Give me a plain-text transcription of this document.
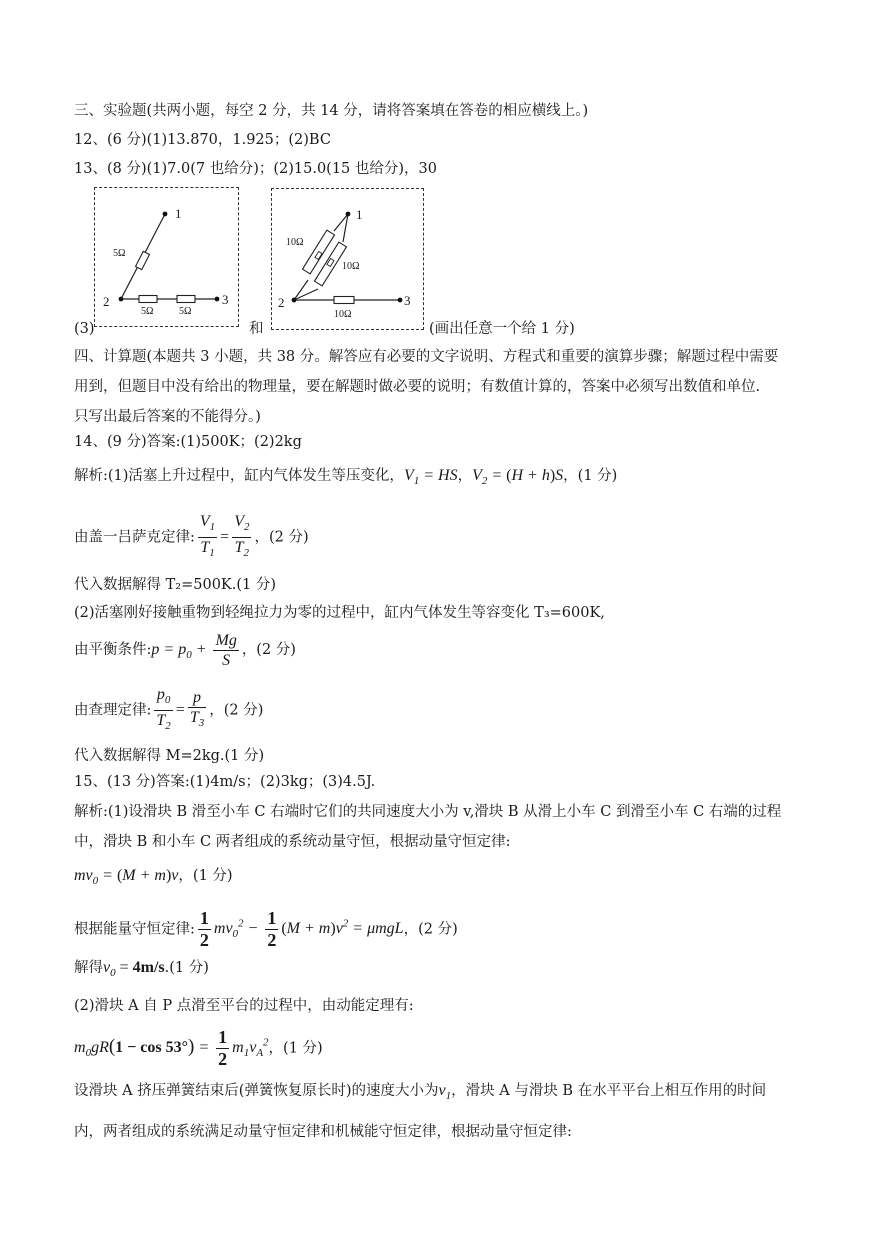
三、实验题(共两小题，每空 2 分，共 14 分，请将答案填在答卷的相应横线上。)
12、(6 分)(1)13.870，1.925；(2)BC
13、(8 分)(1)7.0(7 也给分)；(2)15.0(15 也给分)，30
1
2	3
5Ω
5Ω	5Ω
(3)	和
1
2	3
10Ω
10Ω
10Ω
(画出任意一个给 1 分)
四、计算题(本题共 3 小题，共 38 分。解答应有必要的文字说明、方程式和重要的演算步骤；解题过程中需要
用到，但题目中没有给出的物理量，要在解题时做必要的说明；有数值计算的，答案中必须写出数值和单位.
只写出最后答案的不能得分。)
14、(9 分)答案:(1)500K；(2)2kg
解析:(1)活塞上升过程中，缸内气体发生等压变化，$V_1$ = HS，$V_2 = (H + h)S$，(1 分)
由盖一吕萨克定律: $\frac{V_1}{T_1} = \frac{V_2}{T_2}$ ，(2 分)
代入数据解得 T₂=500K.(1 分)
(2)活塞刚好接触重物到轻绳拉力为零的过程中，缸内气体发生等容变化 T₃=600K,
由平衡条件:p = $p_0 + \frac{Mg}{S}$ ，(2 分)
由查理定律: $\frac{p_0}{T_2} = \frac{p}{T_3}$ ，(2 分)
代入数据解得 M=2kg.(1 分)
15、(13 分)答案:(1)4m/s；(2)3kg；(3)4.5J.
解析:(1)设滑块 B 滑至小车 C 右端时它们的共同速度大小为 v,滑块 B 从滑上小车 C 到滑至小车 C 右端的过程
中，滑块 B 和小车 C 两者组成的系统动量守恒，根据动量守恒定律:
$mv_0 = (M + m)v$，(1 分)
根据能量守恒定律: $\frac{1}{2} mv_0^2 - \frac{1}{2} (M + m)v^2 = \mu mgL$，(2 分)
解得$v_0 = 4m/s.(1$ 分)
(2)滑块 A 自 P 点滑至平台的过程中，由动能定理有:
$m_0gR(1 - \cos 53^\circ) = \frac{1}{2} m_1v_A^2$，(1 分)
设滑块 A 挤压弹簧结束后(弹簧恢复原长时)的速度大小为$v_1$，滑块 A 与滑块 B 在水平平台上相互作用的时间
内，两者组成的系统满足动量守恒定律和机械能守恒定律，根据动量守恒定律:
